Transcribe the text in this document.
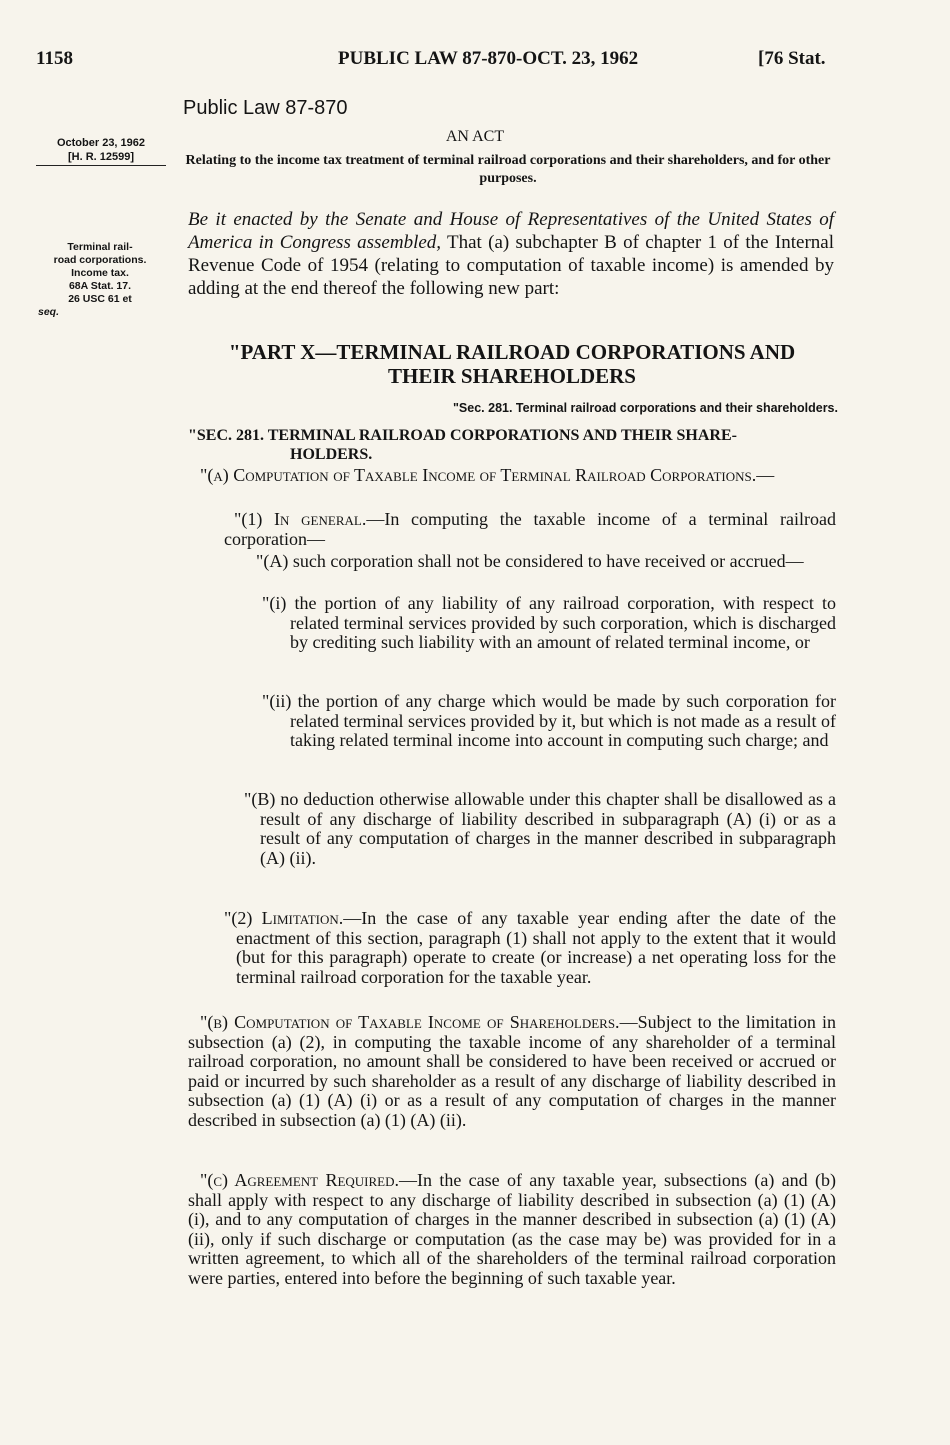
1158	PUBLIC LAW 87-870-OCT. 23, 1962	[76 Stat.
Public Law 87-870
AN ACT
October 23, 1962
[H. R. 12599]	Relating to the income tax treatment of terminal railroad corporations and their shareholders, and for other purposes.
Terminal rail-
road corporations.
Income tax.
68A Stat. 17.
26 USC 61 et
seq.
Be it enacted by the Senate and House of Representatives of the United States of America in Congress assembled, That (a) subchapter B of chapter 1 of the Internal Revenue Code of 1954 (relating to computation of taxable income) is amended by adding at the end thereof the following new part:
"PART X—TERMINAL RAILROAD CORPORATIONS AND
THEIR SHAREHOLDERS
"Sec. 281. Terminal railroad corporations and their shareholders.
"SEC. 281. TERMINAL RAILROAD CORPORATIONS AND THEIR SHARE-
HOLDERS.
"(a) Computation of Taxable Income of Terminal Railroad Corporations.—
"(1) In general.—In computing the taxable income of a terminal railroad corporation—
"(A) such corporation shall not be considered to have received or accrued—
"(i) the portion of any liability of any railroad corporation, with respect to related terminal services provided by such corporation, which is discharged by crediting such liability with an amount of related terminal income, or
"(ii) the portion of any charge which would be made by such corporation for related terminal services provided by it, but which is not made as a result of taking related terminal income into account in computing such charge; and
"(B) no deduction otherwise allowable under this chapter shall be disallowed as a result of any discharge of liability described in subparagraph (A) (i) or as a result of any computation of charges in the manner described in subparagraph (A) (ii).
"(2) Limitation.—In the case of any taxable year ending after the date of the enactment of this section, paragraph (1) shall not apply to the extent that it would (but for this paragraph) operate to create (or increase) a net operating loss for the terminal railroad corporation for the taxable year.
"(b) Computation of Taxable Income of Shareholders.—Subject to the limitation in subsection (a) (2), in computing the taxable income of any shareholder of a terminal railroad corporation, no amount shall be considered to have been received or accrued or paid or incurred by such shareholder as a result of any discharge of liability described in subsection (a) (1) (A) (i) or as a result of any computation of charges in the manner described in subsection (a) (1) (A) (ii).
"(c) Agreement Required.—In the case of any taxable year, subsections (a) and (b) shall apply with respect to any discharge of liability described in subsection (a) (1) (A) (i), and to any computation of charges in the manner described in subsection (a) (1) (A) (ii), only if such discharge or computation (as the case may be) was provided for in a written agreement, to which all of the shareholders of the terminal railroad corporation were parties, entered into before the beginning of such taxable year.
